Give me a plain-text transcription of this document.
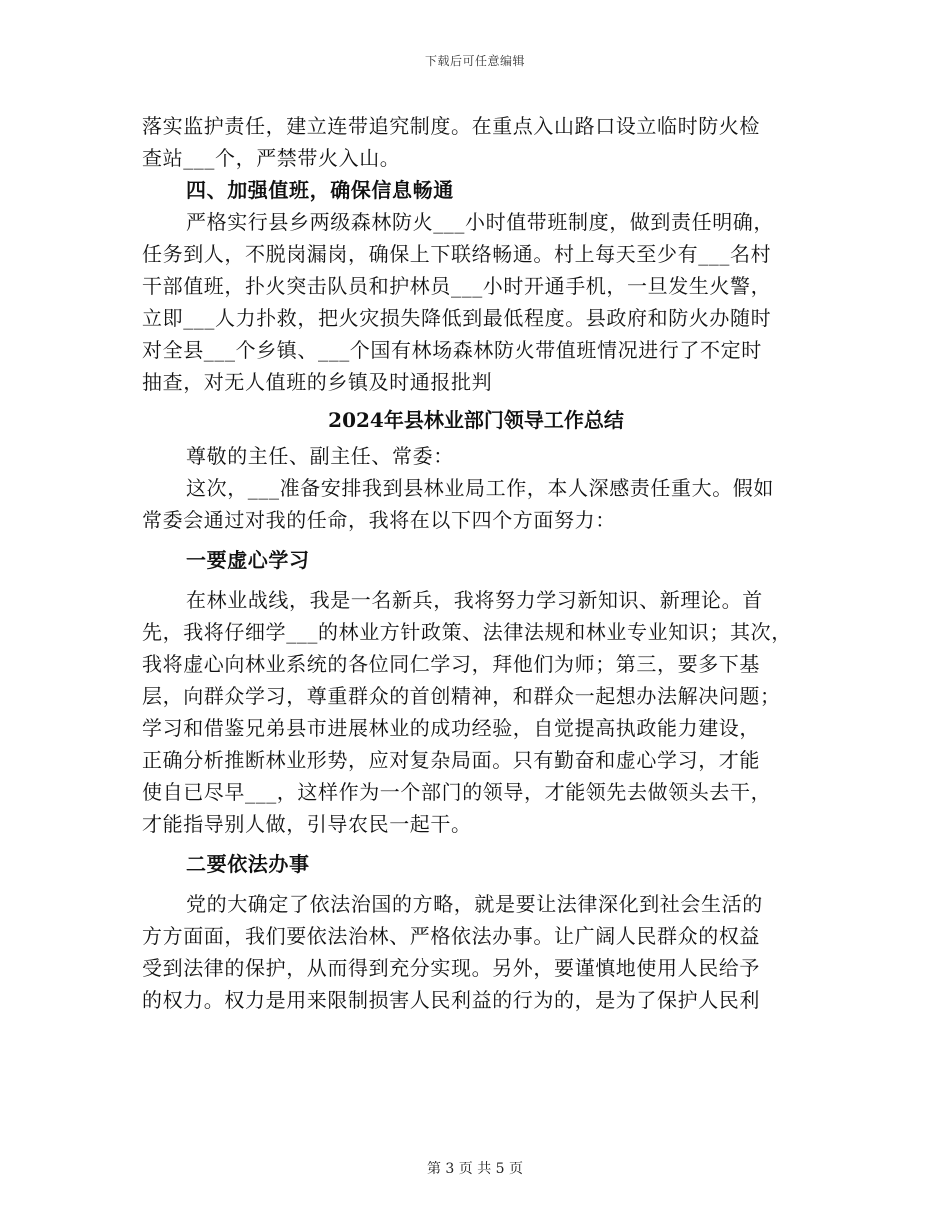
下载后可任意编辑
落实监护责任，建立连带追究制度。在重点入山路口设立临时防火检
查站___个，严禁带火入山。
四、加强值班，确保信息畅通
严格实行县乡两级森林防火___小时值带班制度，做到责任明确，
任务到人，不脱岗漏岗，确保上下联络畅通。村上每天至少有___名村
干部值班，扑火突击队员和护林员___小时开通手机，一旦发生火警，
立即___人力扑救，把火灾损失降低到最低程度。县政府和防火办随时
对全县___个乡镇、___个国有林场森林防火带值班情况进行了不定时
抽查，对无人值班的乡镇及时通报批判
2024年县林业部门领导工作总结
尊敬的主任、副主任、常委：
这次，___准备安排我到县林业局工作，本人深感责任重大。假如
常委会通过对我的任命，我将在以下四个方面努力：
一要虚心学习
在林业战线，我是一名新兵，我将努力学习新知识、新理论。首
先，我将仔细学___的林业方针政策、法律法规和林业专业知识；其次，
我将虚心向林业系统的各位同仁学习，拜他们为师；第三，要多下基
层，向群众学习，尊重群众的首创精神，和群众一起想办法解决问题；
学习和借鉴兄弟县市进展林业的成功经验，自觉提高执政能力建设，
正确分析推断林业形势，应对复杂局面。只有勤奋和虚心学习，才能
使自已尽早___，这样作为一个部门的领导，才能领先去做领头去干，
才能指导别人做，引导农民一起干。
二要依法办事
党的大确定了依法治国的方略，就是要让法律深化到社会生活的
方方面面，我们要依法治林、严格依法办事。让广阔人民群众的权益
受到法律的保护，从而得到充分实现。另外，要谨慎地使用人民给予
的权力。权力是用来限制损害人民利益的行为的，是为了保护人民利
第 3 页 共 5 页
